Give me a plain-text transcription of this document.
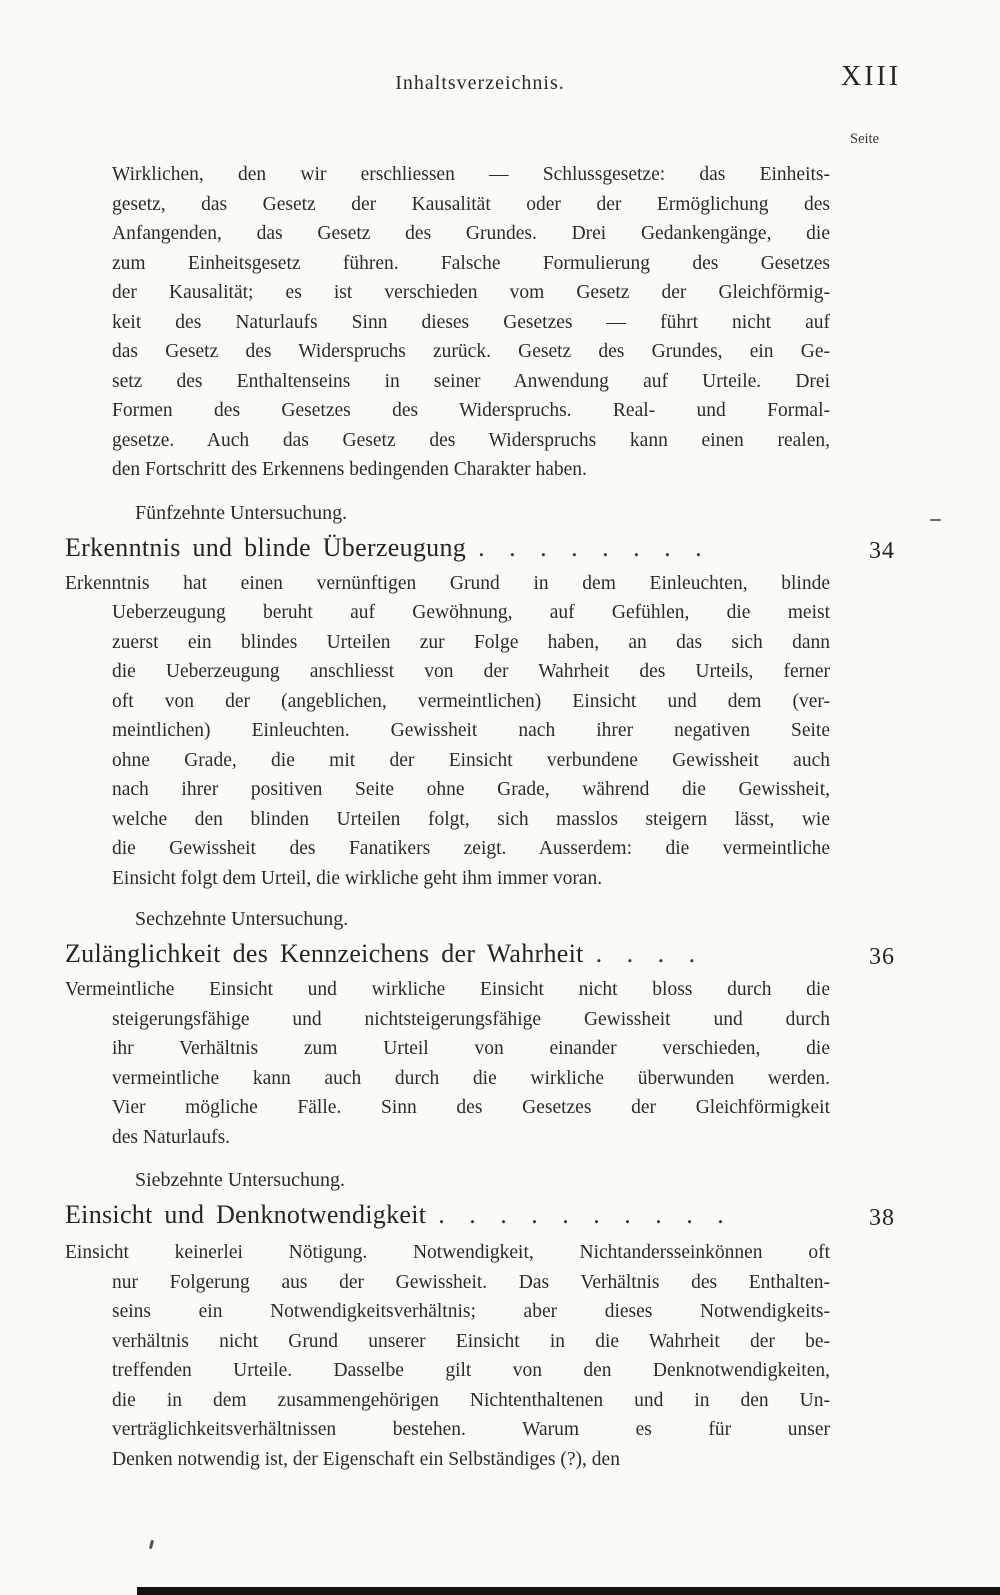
Inhaltsverzeichnis.	XIII
Seite
Wirklichen, den wir erschliessen — Schlussgesetze: das Einheits-
gesetz, das Gesetz der Kausalität oder der Ermöglichung des
Anfangenden, das Gesetz des Grundes. Drei Gedankengänge, die
zum Einheitsgesetz führen. Falsche Formulierung des Gesetzes
der Kausalität; es ist verschieden vom Gesetz der Gleichförmig-
keit des Naturlaufs Sinn dieses Gesetzes — führt nicht auf
das Gesetz des Widerspruchs zurück. Gesetz des Grundes, ein Ge-
setz des Enthaltenseins in seiner Anwendung auf Urteile. Drei
Formen des Gesetzes des Widerspruchs. Real- und Formal-
gesetze. Auch das Gesetz des Widerspruchs kann einen realen,
den Fortschritt des Erkennens bedingenden Charakter haben.
Fünfzehnte Untersuchung.
Erkenntnis und blinde Überzeugung . . . . . . . .	34
Erkenntnis hat einen vernünftigen Grund in dem Einleuchten, blinde
Ueberzeugung beruht auf Gewöhnung, auf Gefühlen, die meist
zuerst ein blindes Urteilen zur Folge haben, an das sich dann
die Ueberzeugung anschliesst von der Wahrheit des Urteils, ferner
oft von der (angeblichen, vermeintlichen) Einsicht und dem (ver-
meintlichen) Einleuchten. Gewissheit nach ihrer negativen Seite
ohne Grade, die mit der Einsicht verbundene Gewissheit auch
nach ihrer positiven Seite ohne Grade, während die Gewissheit,
welche den blinden Urteilen folgt, sich masslos steigern lässt, wie
die Gewissheit des Fanatikers zeigt. Ausserdem: die vermeintliche
Einsicht folgt dem Urteil, die wirkliche geht ihm immer voran.
Sechzehnte Untersuchung.
Zulänglichkeit des Kennzeichens der Wahrheit . . . .	36
Vermeintliche Einsicht und wirkliche Einsicht nicht bloss durch die
steigerungsfähige und nichtsteigerungsfähige Gewissheit und durch
ihr Verhältnis zum Urteil von einander verschieden, die
vermeintliche kann auch durch die wirkliche überwunden werden.
Vier mögliche Fälle. Sinn des Gesetzes der Gleichförmigkeit
des Naturlaufs.
Siebzehnte Untersuchung.
Einsicht und Denknotwendigkeit . . . . . . . . . .	38
Einsicht keinerlei Nötigung. Notwendigkeit, Nichtandersseinkönnen oft
nur Folgerung aus der Gewissheit. Das Verhältnis des Enthalten-
seins ein Notwendigkeitsverhältnis; aber dieses Notwendigkeits-
verhältnis nicht Grund unserer Einsicht in die Wahrheit der be-
treffenden Urteile. Dasselbe gilt von den Denknotwendigkeiten,
die in dem zusammengehörigen Nichtenthaltenen und in den Un-
verträglichkeitsverhältnissen bestehen. Warum es für unser
Denken notwendig ist, der Eigenschaft ein Selbständiges (?), den
